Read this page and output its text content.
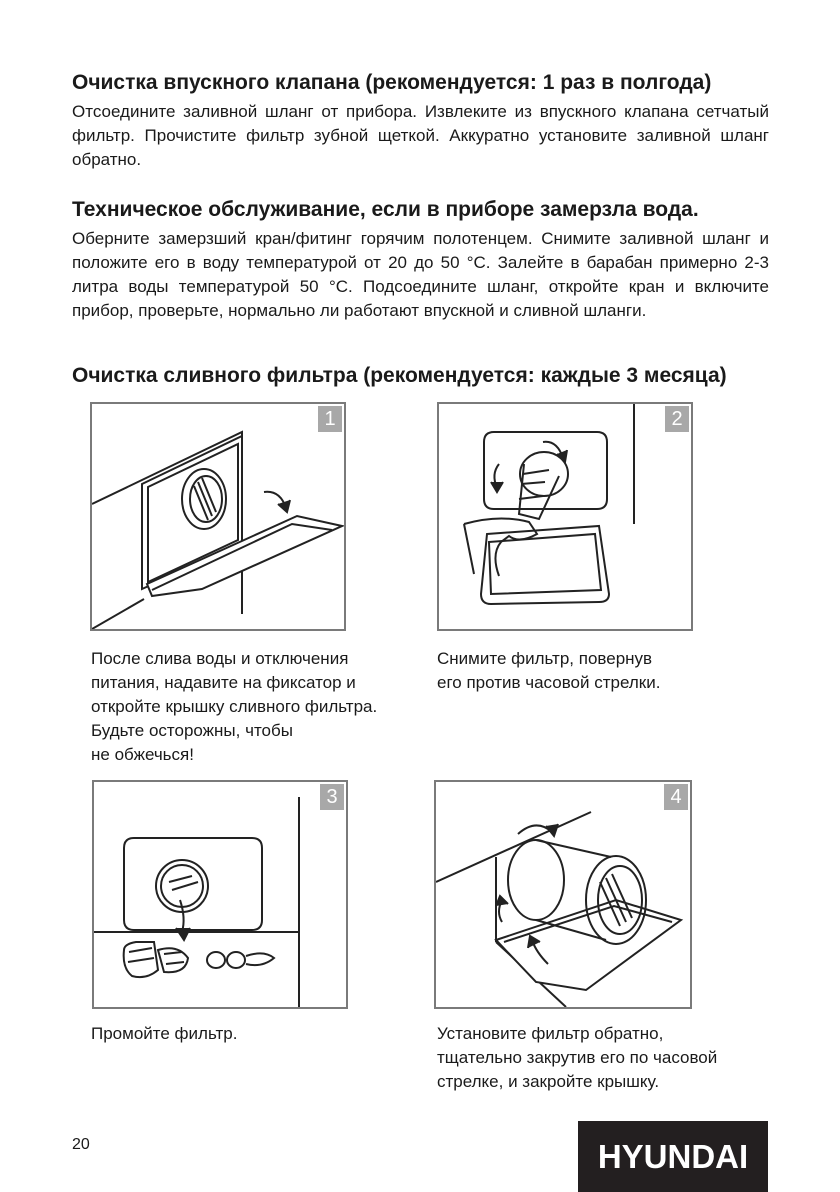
Очистка впускного клапана (рекомендуется: 1 раз в полгода)

Отсоедините заливной шланг от прибора. Извлеките из впускного клапана сетчатый фильтр. Прочистите фильтр зубной щеткой. Аккуратно установите заливной шланг обратно.

Техническое обслуживание, если в приборе замерзла вода.

Оберните замерзший кран/фитинг горячим полотенцем. Снимите заливной шланг и положите его в воду температурой от 20 до 50 °С. Залейте в барабан примерно 2-3 литра воды температурой 50 °С. Подсоедините шланг, откройте кран и включите прибор, проверьте, нормально ли работают впускной и сливной шланги.

Очистка сливного фильтра (рекомендуется: каждые 3 месяца)
1	2

После слива воды и отключения
питания, надавите на фиксатор и
откройте крышку сливного фильтра.
Будьте осторожны, чтобы
не обжечься!

Снимите фильтр, повернув
его против часовой стрелки.

3	4

Промойте фильтр.	Установите фильтр обратно,
тщательно закрутив его по часовой
стрелке, и закройте крышку.

20	HYUNDAI
